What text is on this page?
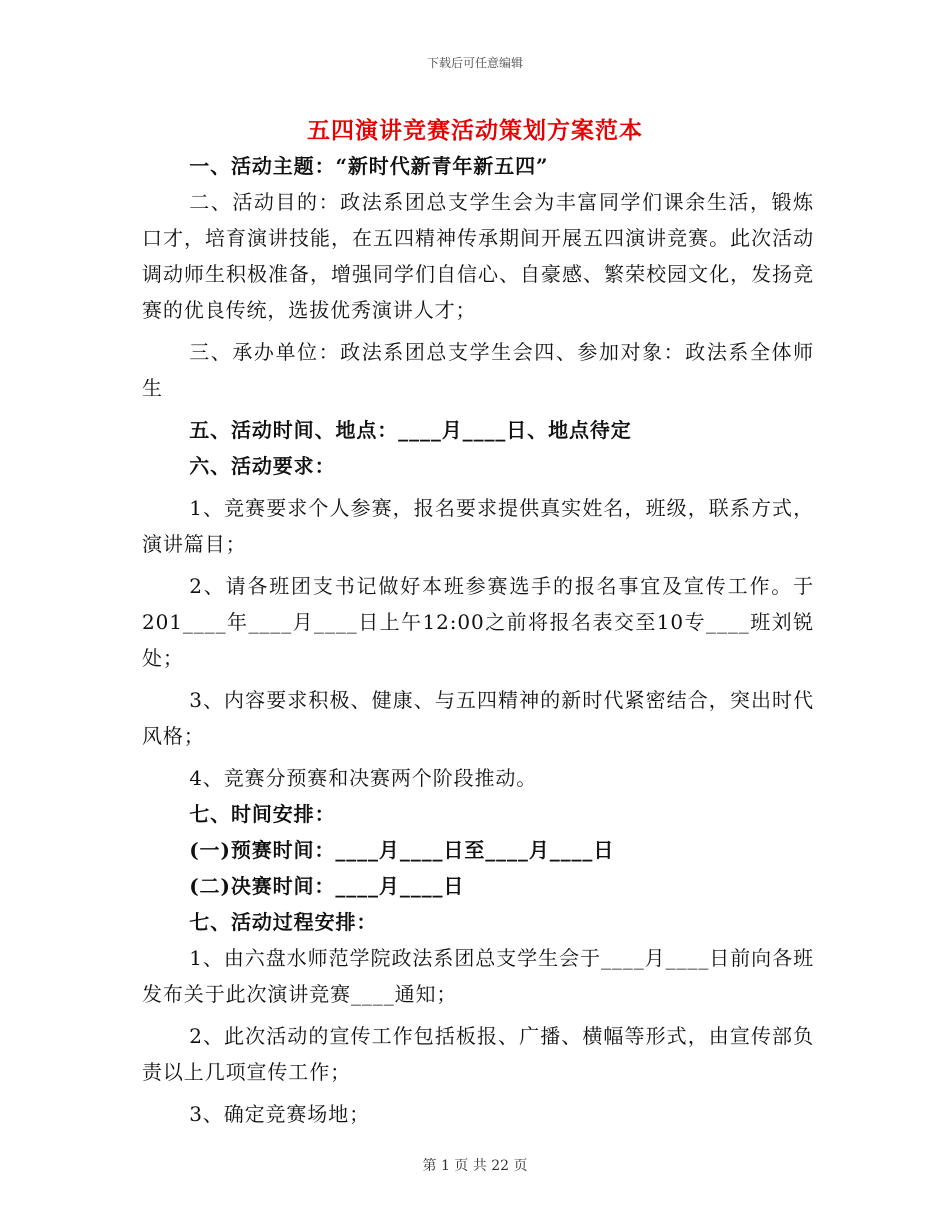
下载后可任意编辑
五四演讲竞赛活动策划方案范本

一、活动主题：“新时代新青年新五四”

二、活动目的：政法系团总支学生会为丰富同学们课余生活，锻炼口才，培育演讲技能，在五四精神传承期间开展五四演讲竞赛。此次活动调动师生积极准备，增强同学们自信心、自豪感、繁荣校园文化，发扬竞赛的优良传统，选拔优秀演讲人才；

三、承办单位：政法系团总支学生会四、参加对象：政法系全体师生

五、活动时间、地点：____月____日、地点待定

六、活动要求：

1、竞赛要求个人参赛，报名要求提供真实姓名，班级，联系方式，演讲篇目；

2、请各班团支书记做好本班参赛选手的报名事宜及宣传工作。于201____年____月____日上午12:00之前将报名表交至10专____班刘锐处；

3、内容要求积极、健康、与五四精神的新时代紧密结合，突出时代风格；

4、竞赛分预赛和决赛两个阶段推动。

七、时间安排：

(一)预赛时间：____月____日至____月____日

(二)决赛时间：____月____日

七、活动过程安排：

1、由六盘水师范学院政法系团总支学生会于____月____日前向各班发布关于此次演讲竞赛____通知；

2、此次活动的宣传工作包括板报、广播、横幅等形式，由宣传部负责以上几项宣传工作；

3、确定竞赛场地；

第 1 页 共 22 页
